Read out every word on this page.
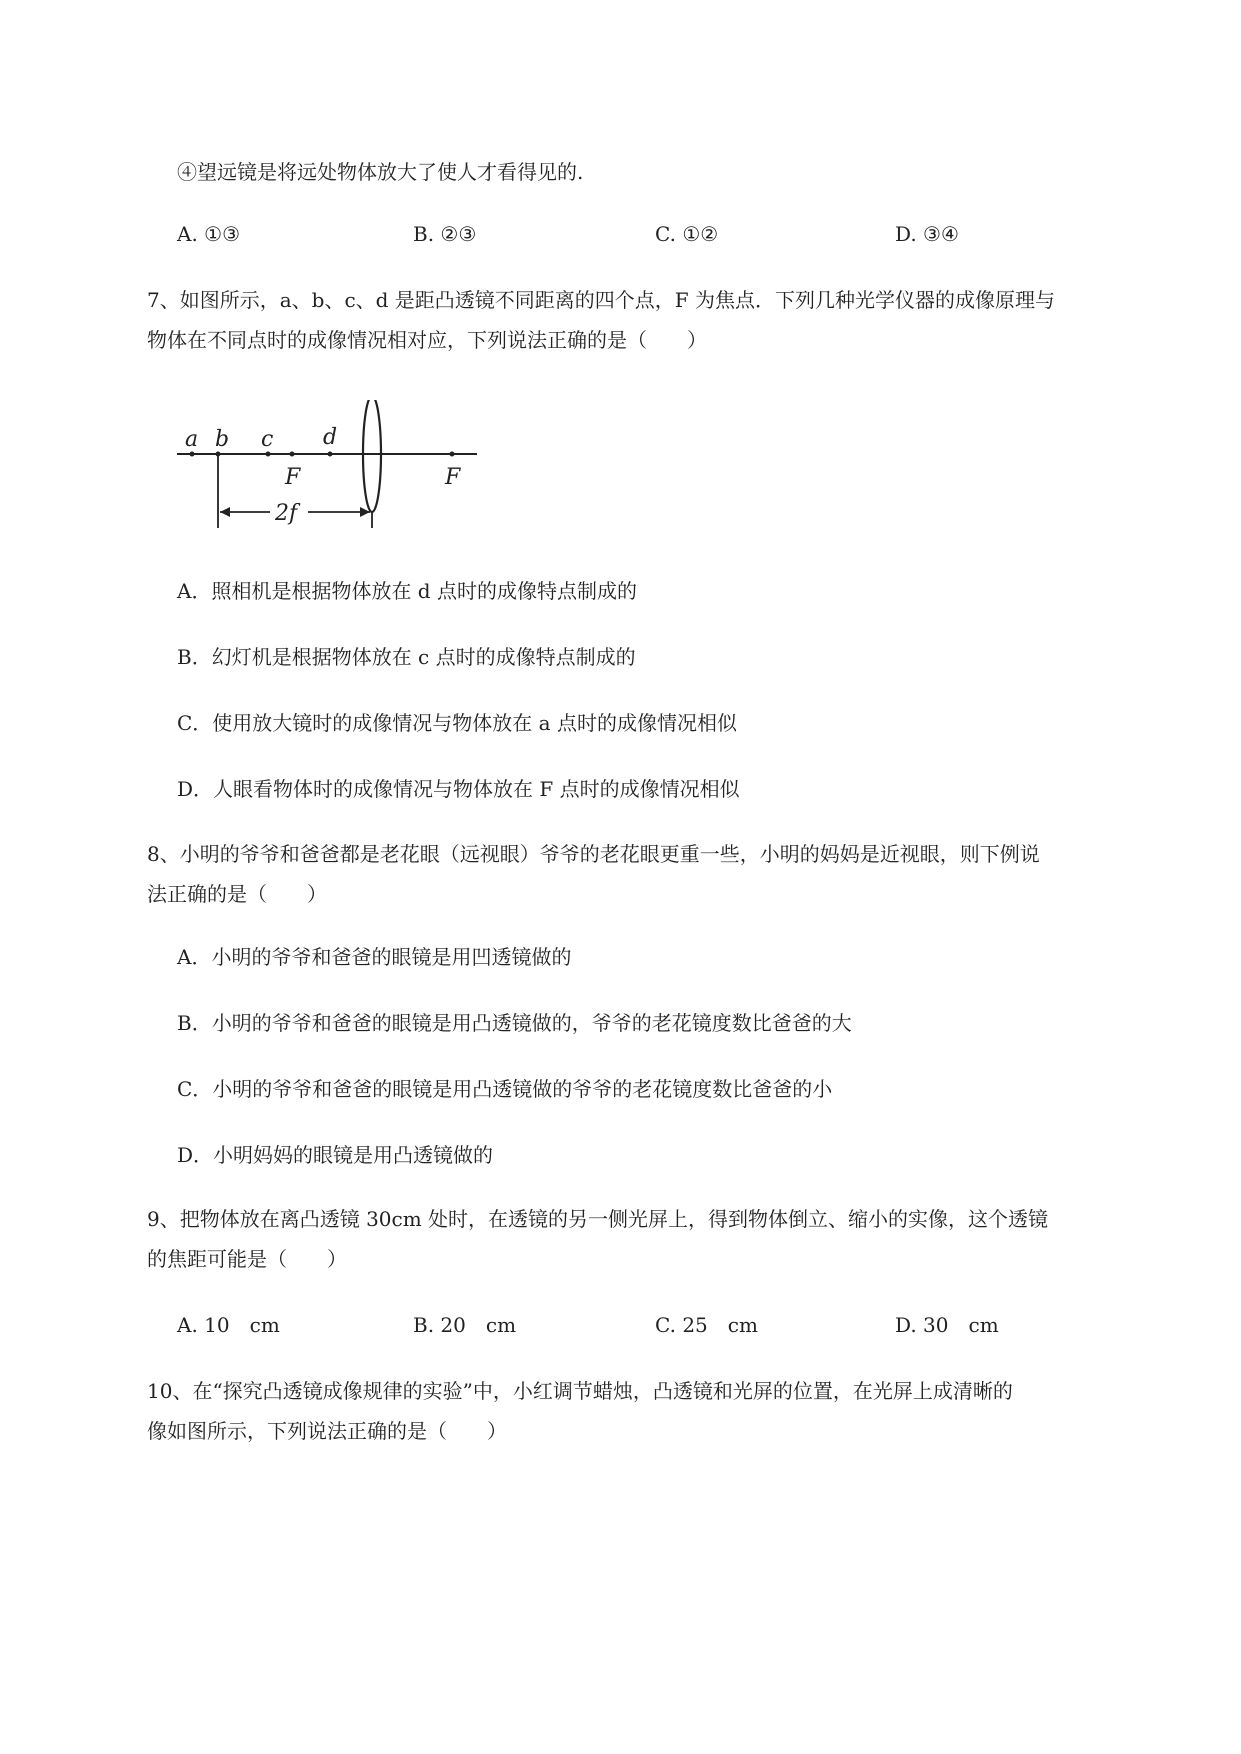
④望远镜是将远处物体放大了使人才看得见的.
A. ①③	B. ②③	C. ①②	D. ③④
7、如图所示，a、b、c、d 是距凸透镜不同距离的四个点，F 为焦点．下列几种光学仪器的成像原理与
物体在不同点时的成像情况相对应，下列说法正确的是（　　）
a b c d
F	F
2f
A．照相机是根据物体放在 d 点时的成像特点制成的
B．幻灯机是根据物体放在 c 点时的成像特点制成的
C．使用放大镜时的成像情况与物体放在 a 点时的成像情况相似
D．人眼看物体时的成像情况与物体放在 F 点时的成像情况相似
8、小明的爷爷和爸爸都是老花眼（远视眼）爷爷的老花眼更重一些，小明的妈妈是近视眼，则下例说
法正确的是（　　）
A．小明的爷爷和爸爸的眼镜是用凹透镜做的
B．小明的爷爷和爸爸的眼镜是用凸透镜做的，爷爷的老花镜度数比爸爸的大
C．小明的爷爷和爸爸的眼镜是用凸透镜做的爷爷的老花镜度数比爸爸的小
D．小明妈妈的眼镜是用凸透镜做的
9、把物体放在离凸透镜 30cm 处时，在透镜的另一侧光屏上，得到物体倒立、缩小的实像，这个透镜
的焦距可能是（　　）
A. 10　cm	B. 20　cm	C. 25　cm	D. 30　cm
10、在“探究凸透镜成像规律的实验”中，小红调节蜡烛，凸透镜和光屏的位置，在光屏上成清晰的
像如图所示，下列说法正确的是（　　）
